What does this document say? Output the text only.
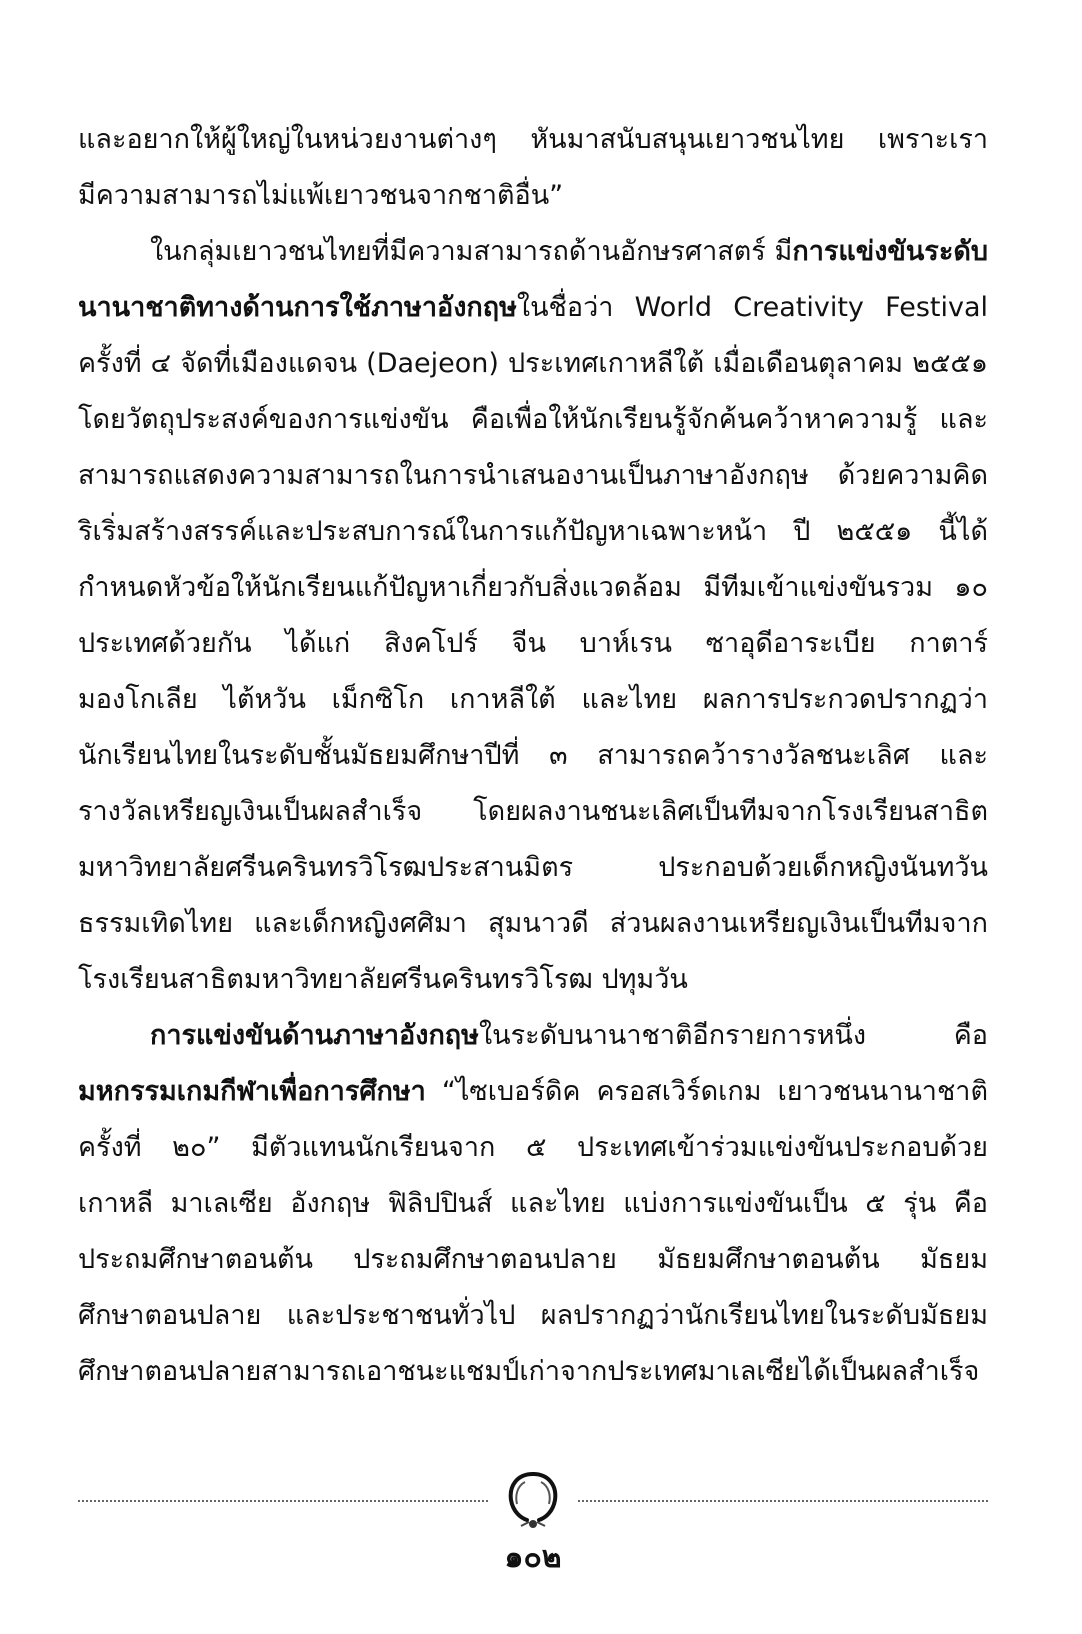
และอยากให้ผู้ใหญ่ในหน่วยงานต่างๆ หันมาสนับสนุนเยาวชนไทย เพราะเรา
มีความสามารถไม่แพ้เยาวชนจากชาติอื่น”
ในกลุ่มเยาวชนไทยที่มีความสามารถด้านอักษรศาสตร์ มีการแข่งขันระดับ
นานาชาติทางด้านการใช้ภาษาอังกฤษในชื่อว่า World Creativity Festival
ครั้งที่ ๔ จัดที่เมืองแดจน (Daejeon) ประเทศเกาหลีใต้ เมื่อเดือนตุลาคม ๒๕๕๑
โดยวัตถุประสงค์ของการแข่งขัน คือเพื่อให้นักเรียนรู้จักค้นคว้าหาความรู้ และ
สามารถแสดงความสามารถในการนำเสนองานเป็นภาษาอังกฤษ ด้วยความคิด
ริเริ่มสร้างสรรค์และประสบการณ์ในการแก้ปัญหาเฉพาะหน้า ปี ๒๕๕๑ นี้ได้
กำหนดหัวข้อให้นักเรียนแก้ปัญหาเกี่ยวกับสิ่งแวดล้อม มีทีมเข้าแข่งขันรวม ๑๐
ประเทศด้วยกัน ได้แก่ สิงคโปร์ จีน บาห์เรน ซาอุดีอาระเบีย กาตาร์
มองโกเลีย ไต้หวัน เม็กซิโก เกาหลีใต้ และไทย ผลการประกวดปรากฏว่า
นักเรียนไทยในระดับชั้นมัธยมศึกษาปีที่ ๓ สามารถคว้ารางวัลชนะเลิศ และ
รางวัลเหรียญเงินเป็นผลสำเร็จ โดยผลงานชนะเลิศเป็นทีมจากโรงเรียนสาธิต
มหาวิทยาลัยศรีนครินทรวิโรฒประสานมิตร ประกอบด้วยเด็กหญิงนันทวัน
ธรรมเทิดไทย และเด็กหญิงศศิมา สุมนาวดี ส่วนผลงานเหรียญเงินเป็นทีมจาก
โรงเรียนสาธิตมหาวิทยาลัยศรีนครินทรวิโรฒ ปทุมวัน
การแข่งขันด้านภาษาอังกฤษในระดับนานาชาติอีกรายการหนึ่ง คือ
มหกรรมเกมกีฬาเพื่อการศึกษา “ไซเบอร์ดิค ครอสเวิร์ดเกม เยาวชนนานาชาติ
ครั้งที่ ๒๐” มีตัวแทนนักเรียนจาก ๕ ประเทศเข้าร่วมแข่งขันประกอบด้วย
เกาหลี มาเลเซีย อังกฤษ ฟิลิปปินส์ และไทย แบ่งการแข่งขันเป็น ๕ รุ่น คือ
ประถมศึกษาตอนต้น ประถมศึกษาตอนปลาย มัธยมศึกษาตอนต้น มัธยม
ศึกษาตอนปลาย และประชาชนทั่วไป ผลปรากฏว่านักเรียนไทยในระดับมัธยม
ศึกษาตอนปลายสามารถเอาชนะแชมป์เก่าจากประเทศมาเลเซียได้เป็นผลสำเร็จ
๑๐๒
